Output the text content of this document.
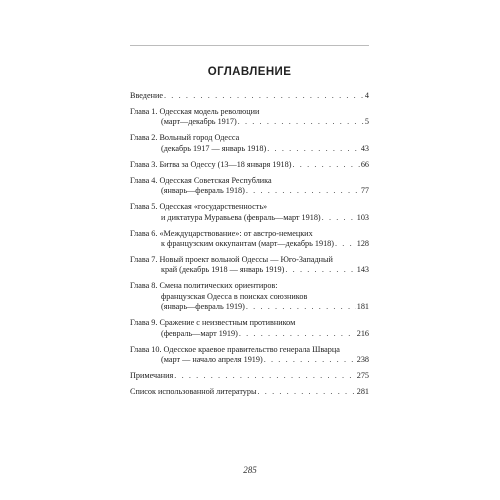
ОГЛАВЛЕНИЕ
Введение . . .	4
Глава 1. Одесская модель революции
(март—декабрь 1917) . . .	5
Глава 2. Вольный город Одесса
(декабрь 1917 — январь 1918) . . .	43
Глава 3. Битва за Одессу (13—18 января 1918) . . .	66
Глава 4. Одесская Советская Республика
(январь—февраль 1918) . . .	77
Глава 5. Одесская «государственность»
и диктатура Муравьева (февраль—март 1918) . . .	103
Глава 6. «Междуцарствование»: от австро-немецких
к французским оккупантам (март—декабрь 1918) . . .	128
Глава 7. Новый проект вольной Одессы — Юго-Западный
край (декабрь 1918 — январь 1919) . . .	143
Глава 8. Смена политических ориентиров:
французская Одесса в поисках союзников
(январь—февраль 1919) . . .	181
Глава 9. Сражение с неизвестным противником
(февраль—март 1919) . . .	216
Глава 10. Одесское краевое правительство генерала Шварца
(март — начало апреля 1919) . . .	238
Примечания . . .	275
Список использованной литературы . . .	281
285
